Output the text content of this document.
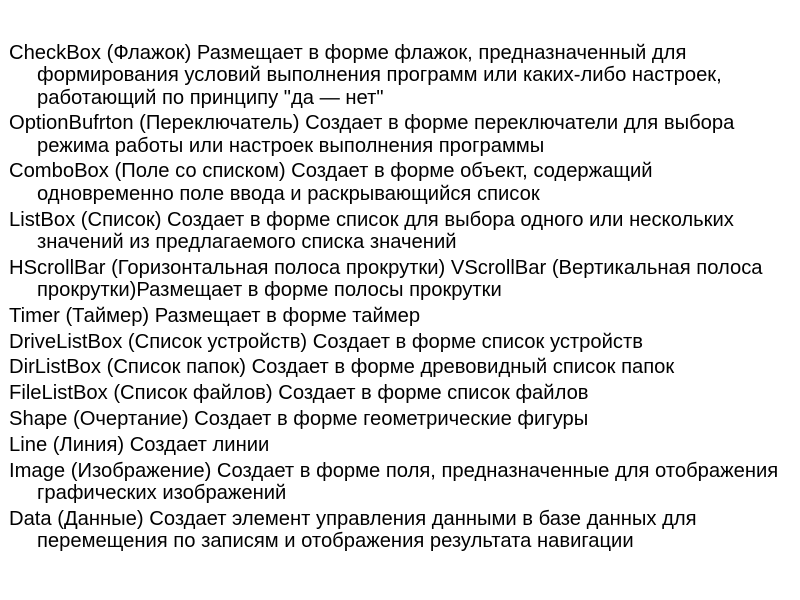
CheckBox (Флажок) Размещает в форме флажок, предназначенный для формирования условий выполнения программ или каких-либо настроек, работающий по принципу "да — нет"
OptionBufrton (Переключатель) Создает в форме переключатели для выбора режима работы или настроек выполнения программы
ComboBox (Поле со списком) Создает в форме объект, содержащий одновременно поле ввода и раскрывающийся список
ListBox (Список) Создает в форме список для выбора одного или нескольких значений из предлагаемого списка значений
HScrollBar (Горизонтальная полоса прокрутки) VScrollBar (Вертикальная полоса прокрутки)Размещает в форме полосы прокрутки
Timer (Таймер) Размещает в форме таймер
DriveListBox (Список устройств) Создает в форме список устройств
DirListBox (Список папок) Создает в форме древовидный список папок
FileListBox (Список файлов) Создает в форме список файлов
Shape (Очертание) Создает в форме геометрические фигуры
Line (Линия) Создает линии
Image (Изображение) Создает в форме поля, предназначенные для отображения графических изображений
Data (Данные) Создает элемент управления данными в базе данных для перемещения по записям и отображения результата навигации
